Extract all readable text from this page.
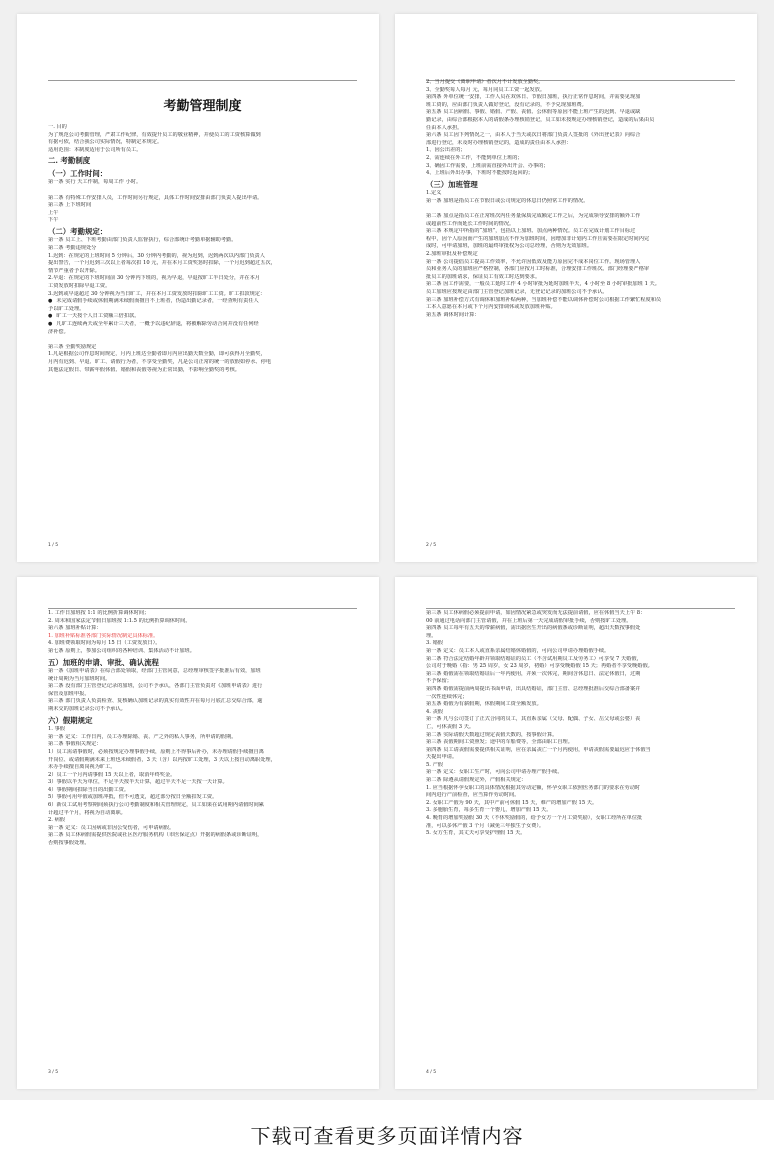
考勤管理制度
一. 目的
为了规范公司考勤管理，严肃工作纪律，有效提升员工的敬业精神，并使员工的工资核算做到
有据可依，结合我公司实际情况，特制定本规定。
适用范围：本制度适用于公司所有员工。
二. 考勤制度
（一）工作时间：
第一条 实行 天工作制，每周工作 小时。

第二条 有特殊工作安排人员，工作时间另行规定，具体工作时间安排由部门负责人提出申请。
第三条 上下班时间
上午
下午
（二）考勤规定：
第一条 员工上、下班考勤由部门负责人监督执行，综合部统计考勤单据辅助考勤。
第二条 考勤违规处分
1.迟到：在规定的上班时间 5 分钟后，30 分钟内考勤的，视为迟到，迟到两次以内部门负责人
提出警告，一个月迟到三次以上者每次扣 10 元，并在本月工资奖惩时扣除，一个月迟到超过五次，
情节严重者予以开除。
2.早退：在规定的下班时间前 30 分钟内下班的，视为早退，早退按旷工半日处分，并在本月
工资发放时扣除早退工资。
3.迟到或早退超过 30 分钟视为当日旷工，并在本月工资发放时扣除旷工工资。旷工扣款规定：
● 未完成请假手续或休假期满未续假而擅自不上班者，伪造出勤记录者，一经查明有责任人
予以旷工处理。
● 旷工一天按个人日工资额三倍扣款。
● 凡旷工连续两天或全年累计三天者，一概予以违纪辞退，将被解除劳动合同并没有任何经
济补偿。

第三条 全勤奖励规定
1.凡是根据公司作息时间规定，月内上班达全勤者即月内应出勤天数全勤，即可获得月全勤奖，
月内有迟到、早退、旷工、请假行为者，不享受全勤奖，凡是公司正常的统一的放假如停水、停电
其他法定假日、带薪年假休假、婚假和丧假等视为正常出勤，不影响全勤奖的考核。
1 / 5
2、当月提交《离职申请》者次月不计发放全勤奖。
3、全勤奖每人每月 元，每月同员工工资一起发放。
第四条 外单位统一安排，工作人员在双休日、节假日加班，执行正常作息时间，并需要见现加
班工资的，应由部门负责人做好登记，没有记录的，不予兑现加班费。
第五条 员工因病假、事假、婚假、产假、丧假、公休假等原因不能上班产生的迟到、早退或缺
勤记录，由综合部根据本人的请假条办理核销登记，员工如未按规定办理核销登记，造成的后果由员
任由本人承担。
第六条 员工因下列情况之一，由本人于当天或次日将部门负责人签批的《外出登记表》向综合
部进行登记，未及时办理核销登记的，造成的责任由本人承担：
1、因公出差的；
2、需连续在外工作，不能到单位上班的；
3、确因工作需要，上班前需直接外出开会、办事的；
4、上班后外出办事，下班时不能按时返回的；
（三）加班管理
1.定义
第一条 加班是指员工在节假日或公司规定的休息日仍照常工作的情况。

第二条 加点是指员工在正常班次内任务量保质完成额定工作之后，为完成领导安排的额外工作
或超前性工作而延长工作时间的情况。
第三条 本规定中所指的“加班”，包括以上加班、加点两种情况。员工在完成计划工作目标过
程中，因个人原因而产生的加班加点不作为加班时间，因增加非计划内工作且需要在限定时间内完
成时，可申请加班，加班的最终审批权为公司总经理，否则为无效加班。
2.加班审批及补偿规定
第一条 公司提倡员工提高工作效率，不允许因低效及能力原因完不成本岗位工作。现场管理人
员和业务人员的加班应严格控制，各部门应按月工时标准，合理安排工作班次。部门经理要严格审
批员工的加班请求，保证员工有效工时达到要求。
第二条 因工作需要，一般员工延时工作 4 小时审批为延时加班半天，4 小时至 8 小时审批加班 1 天。
员工加班应按规定由部门主管登记加班记录，无登记记录的加班公司不予承认。
第三条 加班补偿方式有调休和加班补贴两种，当加班补偿不能以调休补偿时公司根据工作繁忙程度和员
工本人意愿在本月或下个月内安排调休或发放加班补贴。
第五条 调休时间计算：
2 / 5
1. 工作日加班按 1:1 的比例折算调休时间；
2. 周末和国家法定节假日加班按 1:1.5 的比例折算调休时间。
第六条 加班补贴计算：
1. 加班补贴标准各部门实际情况制定具体标准。
4. 加班费领取时间为每月 15 日（工资发放日）。
第七条 原则上，参加公司组织的各种培训、集体活动不计加班。
五）加班的申请、审批、确认流程
第一条《加班申请表》在综合部处领取，经部门主管同意，总经理审核签字批准后有效，加班
统计周期为当月加班时间。
第二条 没有部门主管登记记录的加班，公司不予承认，各部门主管负责对《加班申请表》进行
保管及加班申报。
第三条 部门负责人负责检查、复核确认加班记录的真实有效性并在每月月底汇总交综合部，逾
期未交的加班记录公司不予承认。
六）假期规定
1. 事假
第一条 定义：工作日内，员工办理除婚、丧、产之外的私人事务，所申请的假期。
第二条 事假相关规定：
1）员工需请事假时，必须按规定办理事假手续，原则上不得事后补办，未办理请假手续擅自离
开岗位、或请假期满未来上班也未续假者，3 天（含）以内按旷工处理，3 天以上按自动离职处理，
未办手续擅自离岗视为旷工。
2）员工一个月内请事假 15 天以上者，取消年终奖金。
3）事假以半天为单位，不足半天按半天计算，超过半天不足一天按一天计算。
4）事假期间扣除当日的出勤工资。
5）事假可用年假或加班冲抵，但不可透支，超过部分按日全额扣发工资。
6）新员工试用考察期间须执行公司考勤制度和相关管理规定，员工如果在试用期内请假时间累
计超过半个月，将视为自动离职。
2. 病假
第一条 定义：员工因病或非因公受伤者，可申请病假。
第二条 员工休病假需提供医院或社区医疗服务机构（市医保定点）开据的病假条或诊断证明，
否则按事假处理。
3 / 5
第三条 员工休病假必须提前申请，如因情况紧急或突发而无法提前请假，应在休假当天上午 8：
00 前通过电话向部门主管请假，并在上班后第一天完成请假审批手续，否则按旷工处理。
第四条 员工每年有五天的带薪病假，需出据医生开出的病假条或诊断证明，超出天数按事假处
理。
3. 婚假
第一条 定义：员工本人或直系亲属结婚休婚假的，可向公司申请办理婚假手续。
第二条 符合法定结婚年龄并领取结婚证的员工（不含试用期员工及劳务工）可享受 7 天婚假，
公司对于晚婚（指：男 25 周岁，女 23 周岁，初婚）可享受晚婚假 15 天；再婚者不享受晚婚假。
第三条 婚假需在领取结婚证后一年内使用，并须一次休完，期间含休息日、法定休假日，过期
不予保留；
第四条 婚假需提前两周提出书面申请，出具结婚证，部门主管、总经理批准后交综合部备案并
一次性连续休完；
第五条 婚假为有薪假期，休假期间工资全额发放。
4. 丧假
第一条 凡与公司签订了正式合同的员工，其直系亲属（父母、配偶、子女、岳父母或公婆）丧
亡，可休丧假 3 天。
第二条 实际请假天数超过规定丧假天数的，按事假计算。
第三条 丧假期间工资照发；途中的车船费等，全部由职工自理。
第四条 员工请丧假需要提供相关证明，应在亲属丧亡一个月内使用，申请丧假需要最迟应于休假当
天提出申请。
5. 产假
第一条 定义：女职工生产时，可向公司申请办理产假手续。
第二条 除遵从请假规定外，产假相关规定：
1. 应当根据怀孕女职工的具体情况根据其劳动定额，怀孕女职工依照医务部门的要求在劳动时
间内进行产前检查，应当算作劳动时间。
2. 女职工产假为 90 天，其中产前可休假 15 天，难产的增加产假 15 天。
3. 多胞胎生育，每多生育一个婴儿，增加产假 15 天。
4. 晚育的增加奖励假 30 天（不休奖励假的，给予女方一个月工资奖励），女职工经所在单位批
准，可以多休产假 3 个月（减免三年独生子女费）。
5. 女方生育，其丈夫可享受护理假 15 天。
4 / 5
下载可查看更多页面详情内容
